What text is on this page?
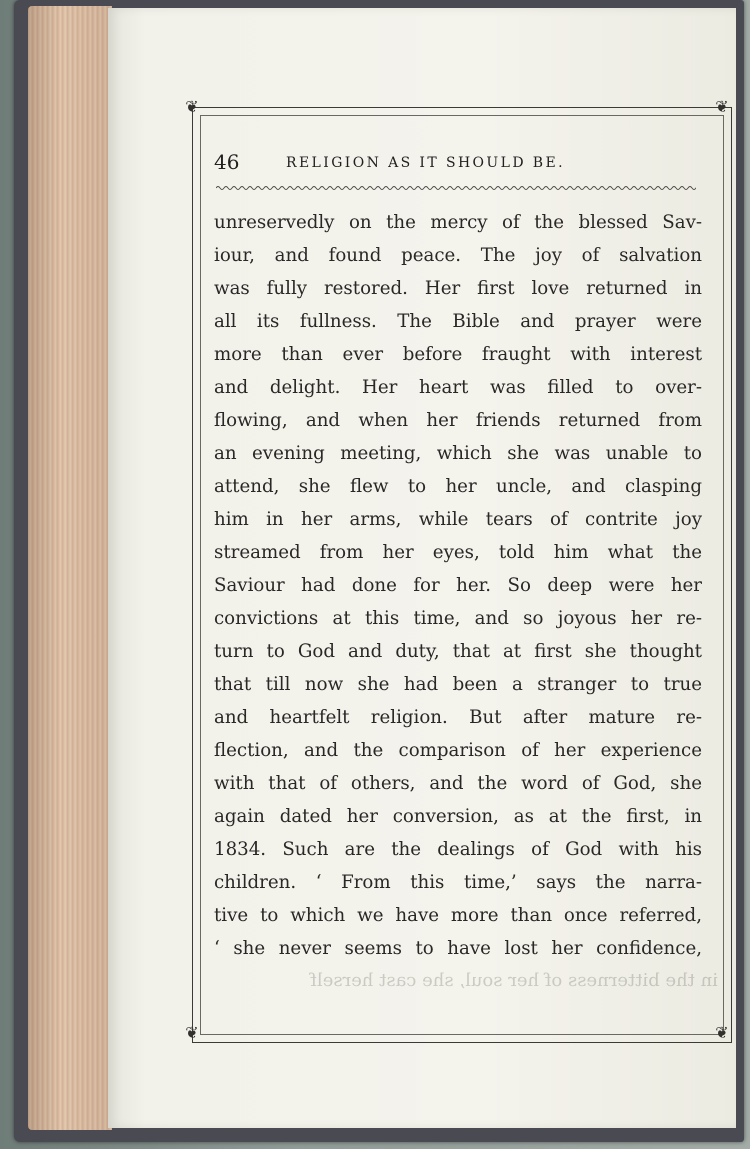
❦	❦
❦	❦
46	RELIGION AS IT SHOULD BE.
unreservedly on the mercy of the blessed Sav-
iour, and found peace. The joy of salvation
was fully restored. Her first love returned in
all its fullness. The Bible and prayer were
more than ever before fraught with interest
and delight. Her heart was filled to over-
flowing, and when her friends returned from
an evening meeting, which she was unable to
attend, she flew to her uncle, and clasping
him in her arms, while tears of contrite joy
streamed from her eyes, told him what the
Saviour had done for her. So deep were her
convictions at this time, and so joyous her re-
turn to God and duty, that at first she thought
that till now she had been a stranger to true
and heartfelt religion. But after mature re-
flection, and the comparison of her experience
with that of others, and the word of God, she
again dated her conversion, as at the first, in
1834. Such are the dealings of God with his
children. ‘ From this time,’ says the narra-
tive to which we have more than once referred,
‘ she never seems to have lost her confidence,
in the bitterness of her soul, she cast herself
